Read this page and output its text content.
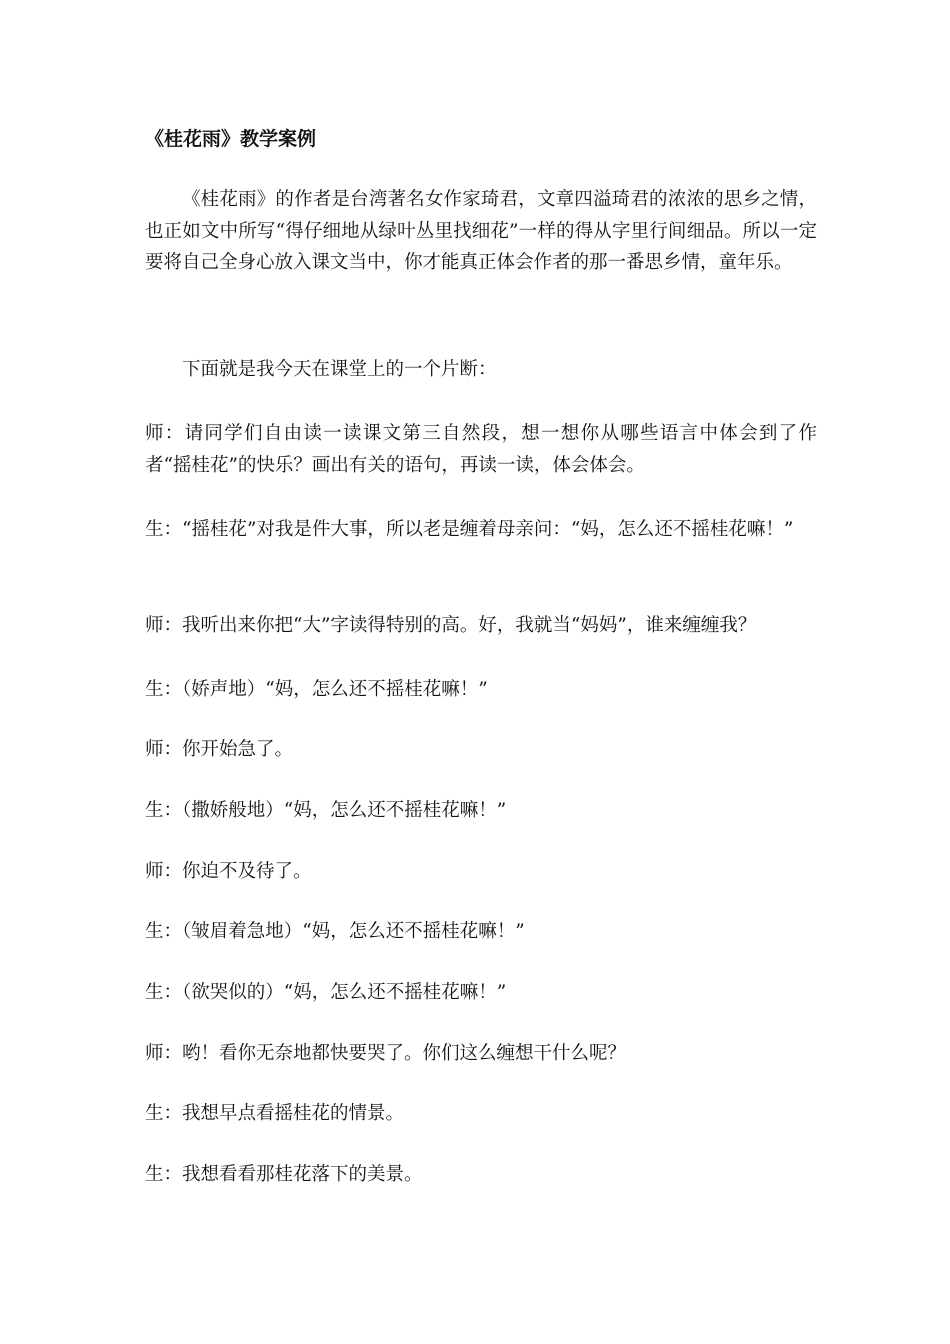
《桂花雨》教学案例

《桂花雨》的作者是台湾著名女作家琦君，文章四溢琦君的浓浓的思乡之情，也正如文中所写“得仔细地从绿叶丛里找细花”一样的得从字里行间细品。所以一定要将自己全身心放入课文当中，你才能真正体会作者的那一番思乡情，童年乐。

下面就是我今天在课堂上的一个片断：

师：请同学们自由读一读课文第三自然段，想一想你从哪些语言中体会到了作者“摇桂花”的快乐？画出有关的语句，再读一读，体会体会。

生：“摇桂花”对我是件大事，所以老是缠着母亲问：“妈，怎么还不摇桂花嘛！”

师：我听出来你把“大”字读得特别的高。好，我就当“妈妈”，谁来缠缠我？

生：（娇声地）“妈，怎么还不摇桂花嘛！”

师：你开始急了。

生：（撒娇般地）“妈，怎么还不摇桂花嘛！”

师：你迫不及待了。

生：（皱眉着急地）“妈，怎么还不摇桂花嘛！”

生：（欲哭似的）“妈，怎么还不摇桂花嘛！”

师：哟！看你无奈地都快要哭了。你们这么缠想干什么呢？

生：我想早点看摇桂花的情景。

生：我想看看那桂花落下的美景。
